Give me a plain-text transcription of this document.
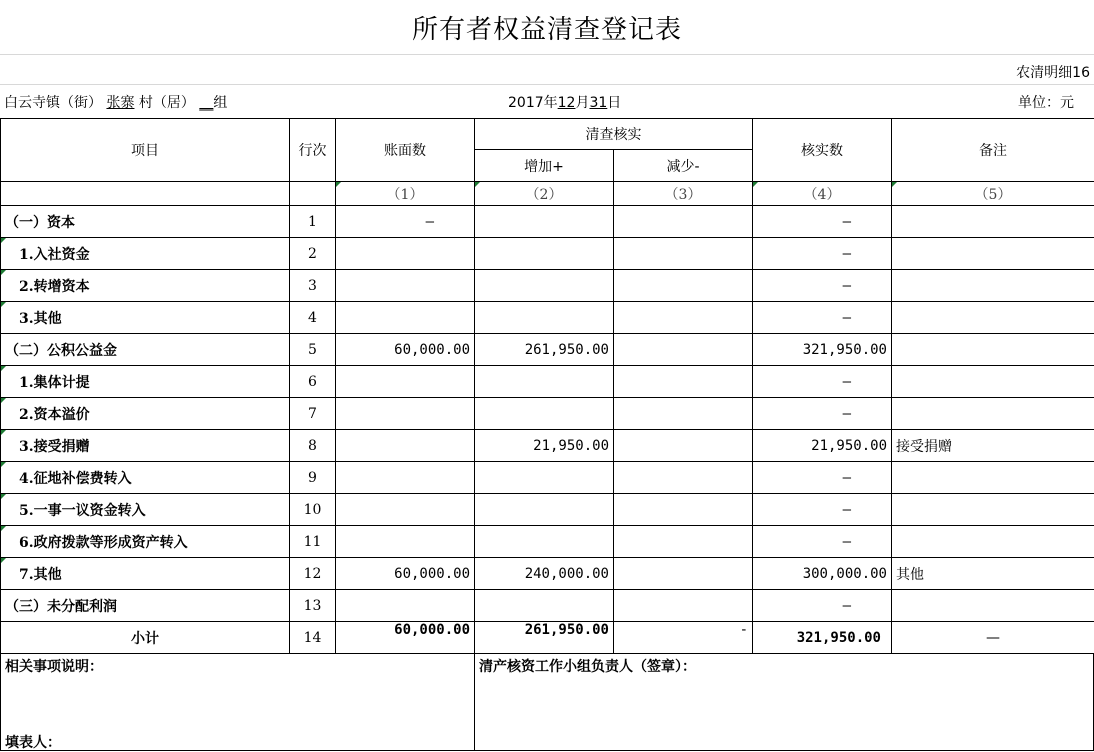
所有者权益清查登记表
农清明细16
白云寺镇（街） 张寨 村（居） __组	2017年12月31日	单位：元
项目	行次	账面数	清查核实		核实数	备注
			增加+	减少-		
		（1）	（2）	（3）	（4）	（5）
（一）资本	1	—			—	
　1.入社资金	2				—	
　2.转增资本	3				—	
　3.其他	4				—	
（二）公积公益金	5	60,000.00	261,950.00		321,950.00	
　1.集体计提	6				—	
　2.资本溢价	7				—	
　3.接受捐赠	8		21,950.00		21,950.00	接受捐赠
　4.征地补偿费转入	9				—	
　5.一事一议资金转入	10				—	
　6.政府拨款等形成资产转入	11				—	
　7.其他	12	60,000.00	240,000.00		300,000.00	其他
（三）未分配利润	13				—	
小计	14	60,000.00	261,950.00	-	321,950.00	—
相关事项说明：
填表人：
清产核资工作小组负责人（签章）：
